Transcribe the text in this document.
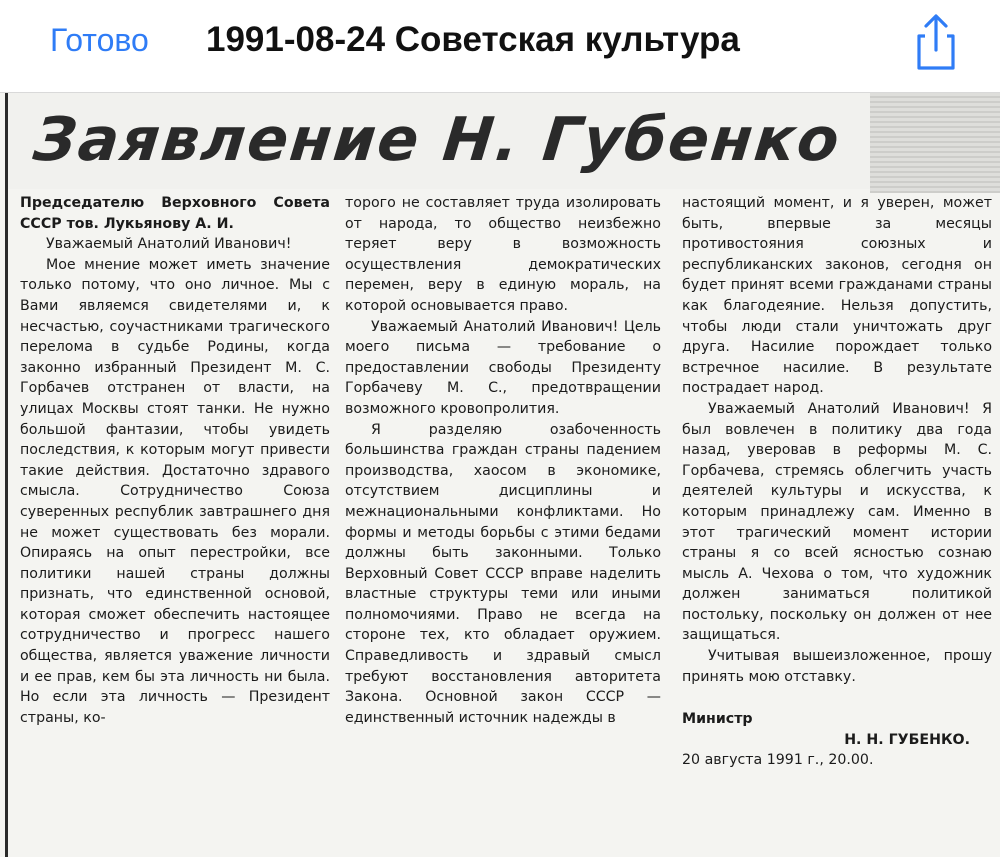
Готово 1991-08-24 Советская культура
Заявление Н. Губенко

Председателю Верховного Совета СССР тов. Лукьянову А. И.

Уважаемый Анатолий Иванович!

Мое мнение может иметь значение только потому, что оно личное. Мы с Вами являемся свидетелями и, к несчастью, соучастниками трагического перелома в судьбе Родины, когда законно избранный Президент М. С. Горбачев отстранен от власти, на улицах Москвы стоят танки. Не нужно большой фантазии, чтобы увидеть последствия, к которым могут привести такие действия. Достаточно здравого смысла. Сотрудничество Союза суверенных республик завтрашнего дня не может существовать без морали. Опираясь на опыт перестройки, все политики нашей страны должны признать, что единственной основой, которая сможет обеспечить настоящее сотрудничество и прогресс нашего общества, является уважение личности и ее прав, кем бы эта личность ни была. Но если эта личность — Президент страны, ко-

торого не составляет труда изолировать от народа, то общество неизбежно теряет веру в возможность осуществления демократических перемен, веру в единую мораль, на которой основывается право.

Уважаемый Анатолий Иванович! Цель моего письма — требование о предоставлении свободы Президенту Горбачеву М. С., предотвращении возможного кровопролития.

Я разделяю озабоченность большинства граждан страны падением производства, хаосом в экономике, отсутствием дисциплины и межнациональными конфликтами. Но формы и методы борьбы с этими бедами должны быть законными. Только Верховный Совет СССР вправе наделить властные структуры теми или иными полномочиями. Право не всегда на стороне тех, кто обладает оружием. Справедливость и здравый смысл требуют восстановления авторитета Закона. Основной закон СССР — единственный источник надежды в

настоящий момент, и я уверен, может быть, впервые за месяцы противостояния союзных и республиканских законов, сегодня он будет принят всеми гражданами страны как благодеяние. Нельзя допустить, чтобы люди стали уничтожать друг друга. Насилие порождает только встречное насилие. В результате пострадает народ.

Уважаемый Анатолий Иванович! Я был вовлечен в политику два года назад, уверовав в реформы М. С. Горбачева, стремясь облегчить участь деятелей культуры и искусства, к которым принадлежу сам. Именно в этот трагический момент истории страны я со всей ясностью сознаю мысль А. Чехова о том, что художник должен заниматься политикой постольку, поскольку он должен от нее защищаться.

Учитывая вышеизложенное, прошу принять мою отставку.

Министр

Н. Н. ГУБЕНКО.

20 августа 1991 г., 20.00.
